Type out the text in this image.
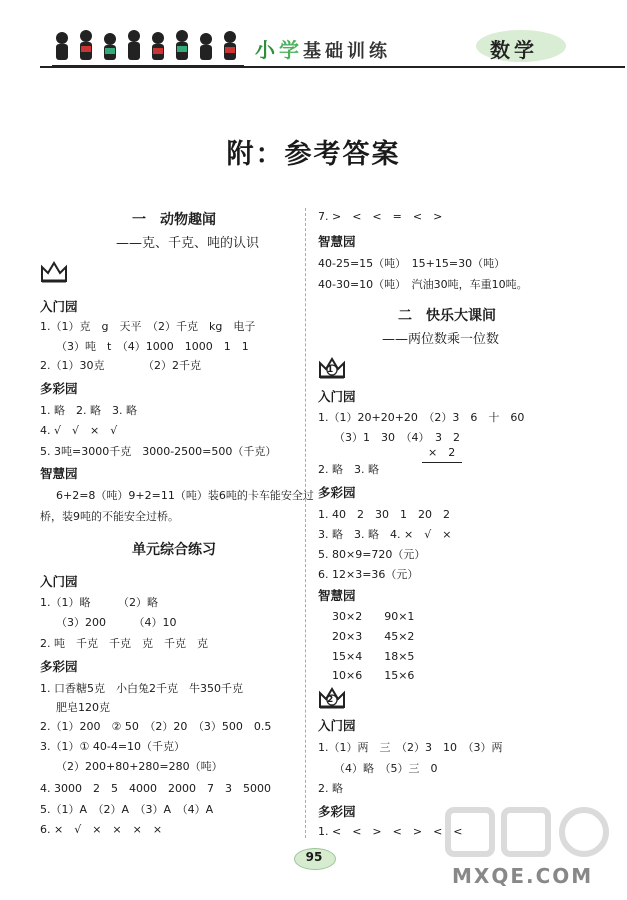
小学基础训练	数学
附：参考答案
一　动物趣闻
——克、千克、吨的认识
入门园
1.（1）克　g　天平　（2）千克　kg　电子
（3）吨　t　（4）1000　1000　1　1
2.（1）30克　　　　（2）2千克
多彩园
1. 略　2. 略　3. 略
4. √　√　×　√
5. 3吨=3000千克　3000-2500=500（千克）
智慧园
6+2=8（吨）9+2=11（吨）装6吨的卡车能安全过
桥，装9吨的不能安全过桥。
单元综合练习
入门园
1.（1）略　　　（2）略
（3）200　　　（4）10
2. 吨　千克　千克　克　千克　克
多彩园
1. 口香糖5克　小白兔2千克　牛350千克
肥皂120克
2.（1）200　② 50　（2）20　（3）500　0.5
3.（1）① 40-4=10（千克）
（2）200+80+280=280（吨）
4. 3000　2　5　4000　2000　7　3　5000
5.（1）A　（2）A　（3）A　（4）A
6. ×　√　×　×　×　×
7. >　<　<　=　<　>
智慧园
40-25=15（吨）　15+15=30（吨）
40-30=10（吨）　汽油30吨，车重10吨。
二　快乐大课间
——两位数乘一位数
1
入门园
1.（1）20+20+20　（2）3　6　十　60
（3）1　30　（4）　3　2
×　2
2. 略　3. 略
多彩园
1. 40　2　30　1　20　2
3. 略　3. 略　4. ×　√　×
5. 80×9=720（元）
6. 12×3=36（元）
智慧园
30×2　　90×1
20×3　　45×2
15×4　　18×5
10×6　　15×6
2
入门园
1.（1）两　三　（2）3　10　（3）两
（4）略　（5）三　0
2. 略
多彩园
1. <　<　>　<　>　<　<
95
MXQE.COM
